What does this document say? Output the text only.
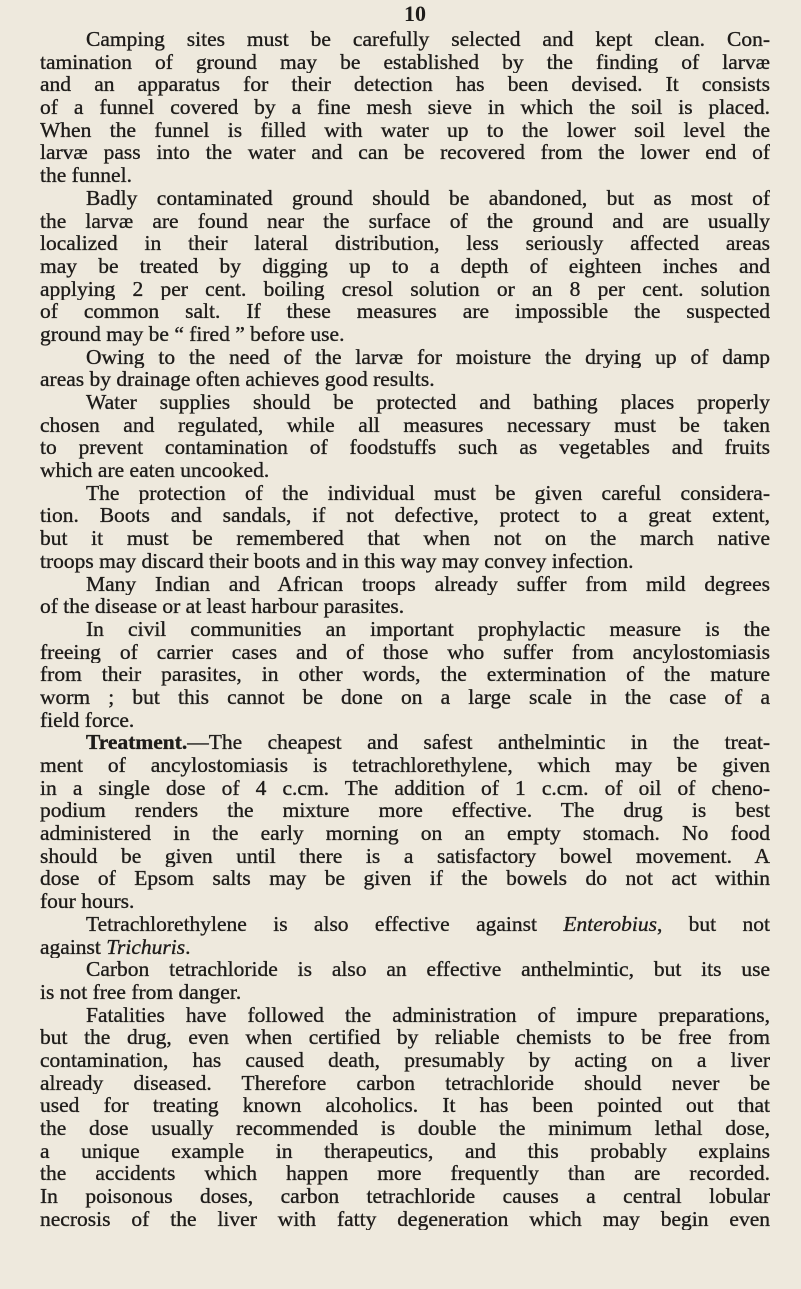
10
Camping sites must be carefully selected and kept clean. Con-
tamination of ground may be established by the finding of larvæ
and an apparatus for their detection has been devised. It consists
of a funnel covered by a fine mesh sieve in which the soil is placed.
When the funnel is filled with water up to the lower soil level the
larvæ pass into the water and can be recovered from the lower end of
the funnel.
Badly contaminated ground should be abandoned, but as most of
the larvæ are found near the surface of the ground and are usually
localized in their lateral distribution, less seriously affected areas
may be treated by digging up to a depth of eighteen inches and
applying 2 per cent. boiling cresol solution or an 8 per cent. solution
of common salt. If these measures are impossible the suspected
ground may be “ fired ” before use.
Owing to the need of the larvæ for moisture the drying up of damp
areas by drainage often achieves good results.
Water supplies should be protected and bathing places properly
chosen and regulated, while all measures necessary must be taken
to prevent contamination of foodstuffs such as vegetables and fruits
which are eaten uncooked.
The protection of the individual must be given careful considera-
tion. Boots and sandals, if not defective, protect to a great extent,
but it must be remembered that when not on the march native
troops may discard their boots and in this way may convey infection.
Many Indian and African troops already suffer from mild degrees
of the disease or at least harbour parasites.
In civil communities an important prophylactic measure is the
freeing of carrier cases and of those who suffer from ancylostomiasis
from their parasites, in other words, the extermination of the mature
worm ; but this cannot be done on a large scale in the case of a
field force.
Treatment.—The cheapest and safest anthelmintic in the treat-
ment of ancylostomiasis is tetrachlorethylene, which may be given
in a single dose of 4 c.cm. The addition of 1 c.cm. of oil of cheno-
podium renders the mixture more effective. The drug is best
administered in the early morning on an empty stomach. No food
should be given until there is a satisfactory bowel movement. A
dose of Epsom salts may be given if the bowels do not act within
four hours.
Tetrachlorethylene is also effective against Enterobius, but not
against Trichuris.
Carbon tetrachloride is also an effective anthelmintic, but its use
is not free from danger.
Fatalities have followed the administration of impure preparations,
but the drug, even when certified by reliable chemists to be free from
contamination, has caused death, presumably by acting on a liver
already diseased. Therefore carbon tetrachloride should never be
used for treating known alcoholics. It has been pointed out that
the dose usually recommended is double the minimum lethal dose,
a unique example in therapeutics, and this probably explains
the accidents which happen more frequently than are recorded.
In poisonous doses, carbon tetrachloride causes a central lobular
necrosis of the liver with fatty degeneration which may begin even
